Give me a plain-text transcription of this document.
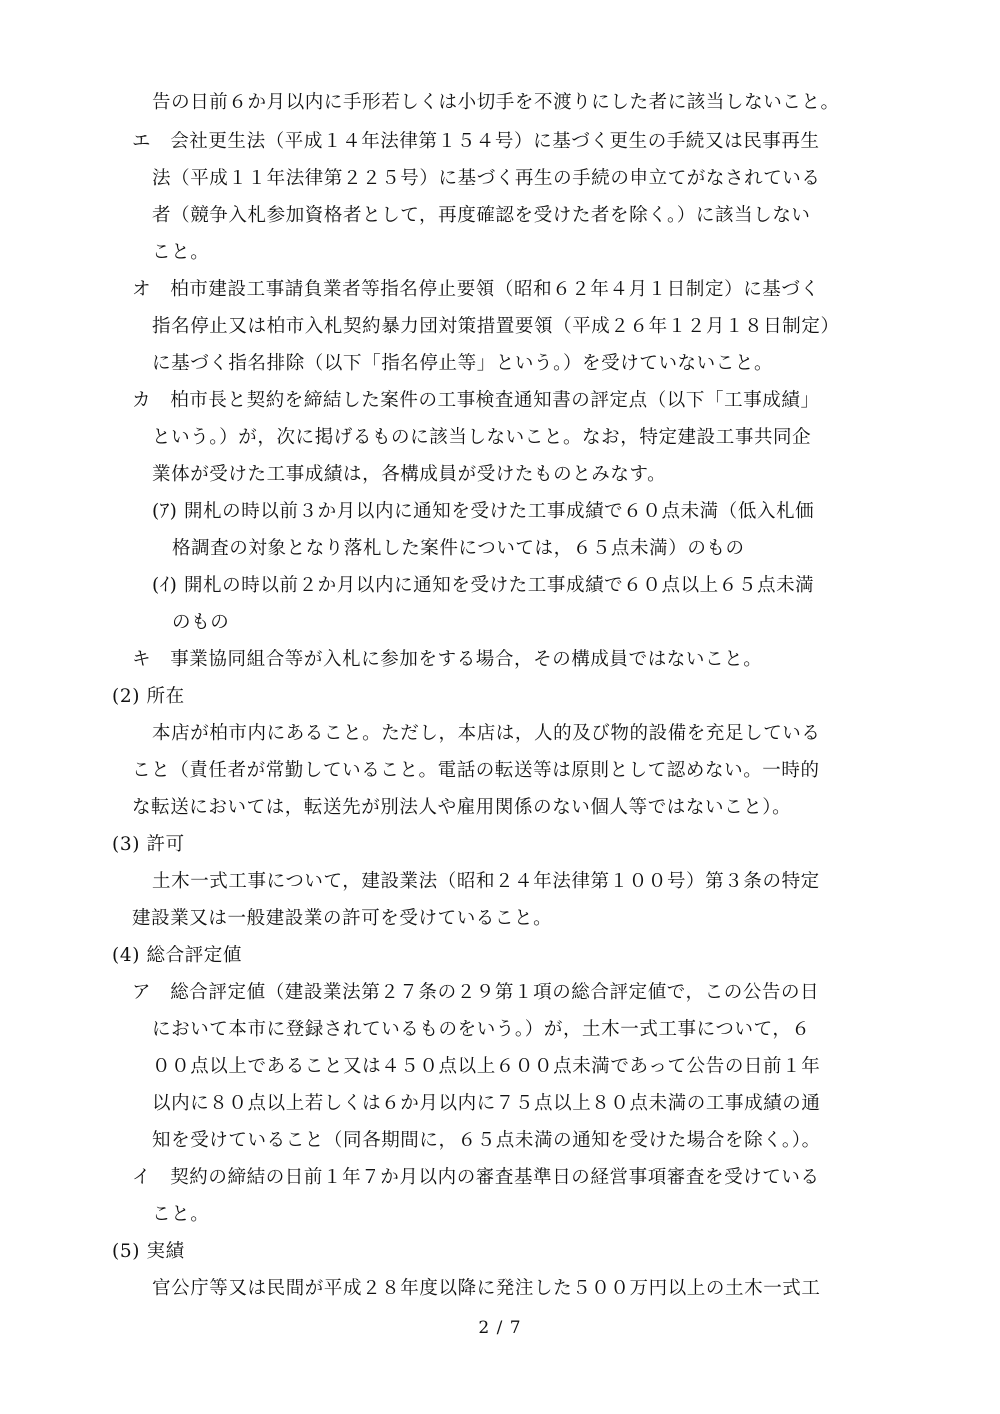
告の日前６か月以内に手形若しくは小切手を不渡りにした者に該当しないこと。
エ　会社更生法（平成１４年法律第１５４号）に基づく更生の手続又は民事再生
法（平成１１年法律第２２５号）に基づく再生の手続の申立てがなされている
者（競争入札参加資格者として，再度確認を受けた者を除く。）に該当しない
こと。
オ　柏市建設工事請負業者等指名停止要領（昭和６２年４月１日制定）に基づく
指名停止又は柏市入札契約暴力団対策措置要領（平成２６年１２月１８日制定）
に基づく指名排除（以下「指名停止等」という。）を受けていないこと。
カ　柏市長と契約を締結した案件の工事検査通知書の評定点（以下「工事成績」
という。）が，次に掲げるものに該当しないこと。なお，特定建設工事共同企
業体が受けた工事成績は，各構成員が受けたものとみなす。
(ｱ) 開札の時以前３か月以内に通知を受けた工事成績で６０点未満（低入札価
格調査の対象となり落札した案件については，６５点未満）のもの
(ｲ) 開札の時以前２か月以内に通知を受けた工事成績で６０点以上６５点未満
のもの
キ　事業協同組合等が入札に参加をする場合，その構成員ではないこと。
(2) 所在
本店が柏市内にあること。ただし，本店は，人的及び物的設備を充足している
こと（責任者が常勤していること。電話の転送等は原則として認めない。一時的
な転送においては，転送先が別法人や雇用関係のない個人等ではないこと）。
(3) 許可
土木一式工事について，建設業法（昭和２４年法律第１００号）第３条の特定
建設業又は一般建設業の許可を受けていること。
(4) 総合評定値
ア　総合評定値（建設業法第２７条の２９第１項の総合評定値で，この公告の日
において本市に登録されているものをいう。）が，土木一式工事について，６
００点以上であること又は４５０点以上６００点未満であって公告の日前１年
以内に８０点以上若しくは６か月以内に７５点以上８０点未満の工事成績の通
知を受けていること（同各期間に，６５点未満の通知を受けた場合を除く。）。
イ　契約の締結の日前１年７か月以内の審査基準日の経営事項審査を受けている
こと。
(5) 実績
官公庁等又は民間が平成２８年度以降に発注した５００万円以上の土木一式工
2 / 7
